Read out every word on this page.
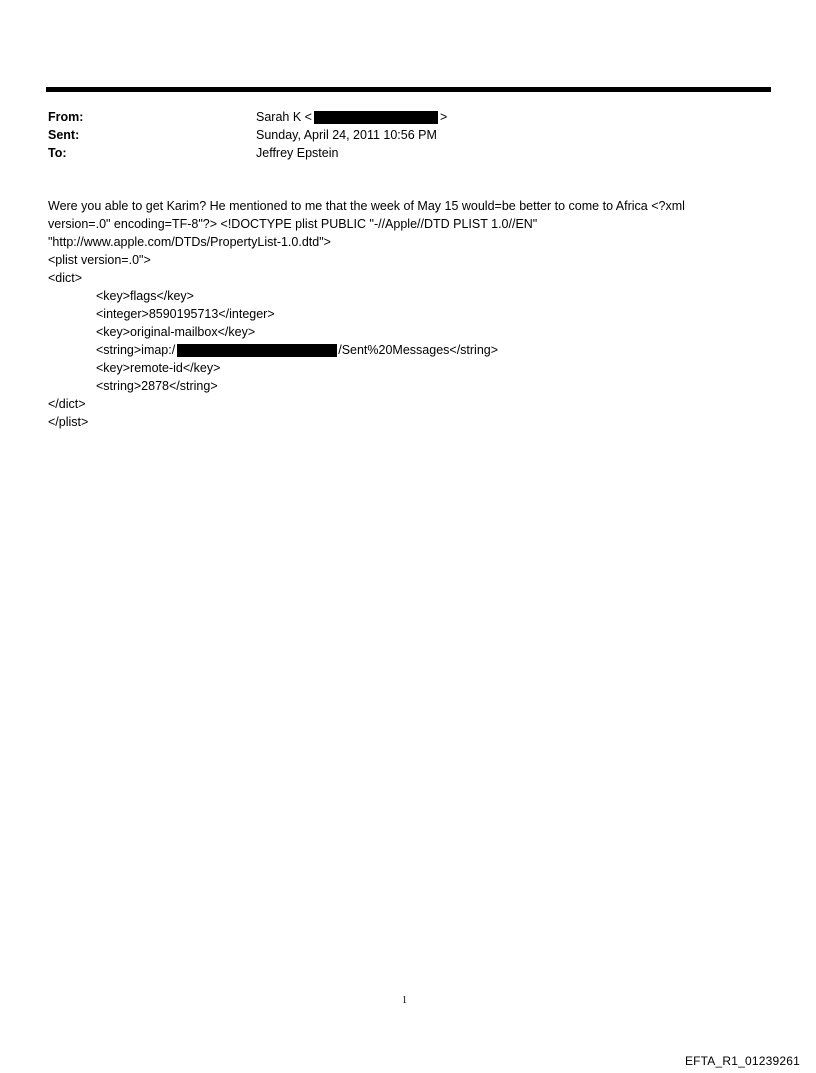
From:	Sarah K <	>
Sent:	Sunday, April 24, 2011 10:56 PM
To:	Jeffrey Epstein
Were you able to get Karim? He mentioned to me that the week of May 15 would=be better to come to Africa <?xml
version=.0" encoding=TF-8"?> <!DOCTYPE plist PUBLIC "-//Apple//DTD PLIST 1.0//EN"
"http://www.apple.com/DTDs/PropertyList-1.0.dtd">
<plist version=.0">
<dict>
<key>flags</key>
<integer>8590195713</integer>
<key>original-mailbox</key>
<string>imap:/	/Sent%20Messages</string>
<key>remote-id</key>
<string>2878</string>
</dict>
</plist>
1
EFTA_R1_01239261
